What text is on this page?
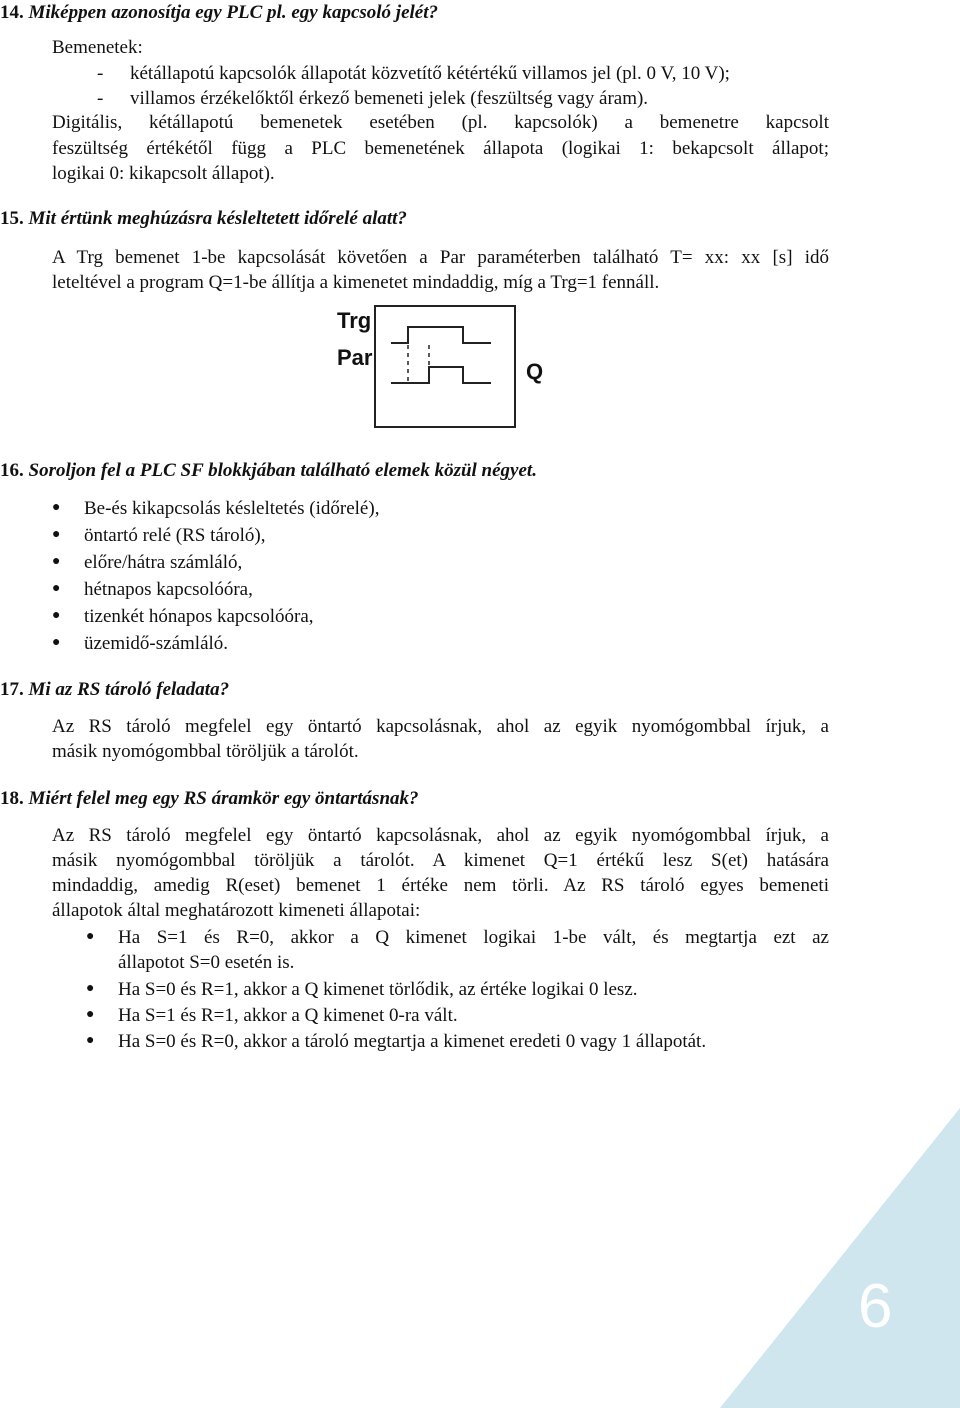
14. Miképpen azonosítja egy PLC pl. egy kapcsoló jelét?
Bemenetek:
- kétállapotú kapcsolók állapotát közvetítő kétértékű villamos jel (pl. 0 V, 10 V);
- villamos érzékelőktől érkező bemeneti jelek (feszültség vagy áram).
Digitális, kétállapotú bemenetek esetében (pl. kapcsolók) a bemenetre kapcsolt
feszültség értékétől függ a PLC bemenetének állapota (logikai 1: bekapcsolt állapot;
logikai 0: kikapcsolt állapot).
15. Mit értünk meghúzásra késleltetett időrelé alatt?
A Trg bemenet 1-be kapcsolását követően a Par paraméterben található T= xx: xx [s] idő
leteltével a program Q=1-be állítja a kimenetet mindaddig, míg a Trg=1 fennáll.
Trg
Par
Q
16. Soroljon fel a PLC SF blokkjában található elemek közül négyet.
● Be-és kikapcsolás késleltetés (időrelé),
● öntartó relé (RS tároló),
● előre/hátra számláló,
● hétnapos kapcsolóóra,
● tizenkét hónapos kapcsolóóra,
● üzemidő-számláló.
17. Mi az RS tároló feladata?
Az RS tároló megfelel egy öntartó kapcsolásnak, ahol az egyik nyomógombbal írjuk, a
másik nyomógombbal töröljük a tárolót.
18. Miért felel meg egy RS áramkör egy öntartásnak?
Az RS tároló megfelel egy öntartó kapcsolásnak, ahol az egyik nyomógombbal írjuk, a
másik nyomógombbal töröljük a tárolót. A kimenet Q=1 értékű lesz S(et) hatására
mindaddig, amedig R(eset) bemenet 1 értéke nem törli. Az RS tároló egyes bemeneti
állapotok által meghatározott kimeneti állapotai:
● Ha S=1 és R=0, akkor a Q kimenet logikai 1-be vált, és megtartja ezt az
állapotot S=0 esetén is.
● Ha S=0 és R=1, akkor a Q kimenet törlődik, az értéke logikai 0 lesz.
● Ha S=1 és R=1, akkor a Q kimenet 0-ra vált.
● Ha S=0 és R=0, akkor a tároló megtartja a kimenet eredeti 0 vagy 1 állapotát.
6
